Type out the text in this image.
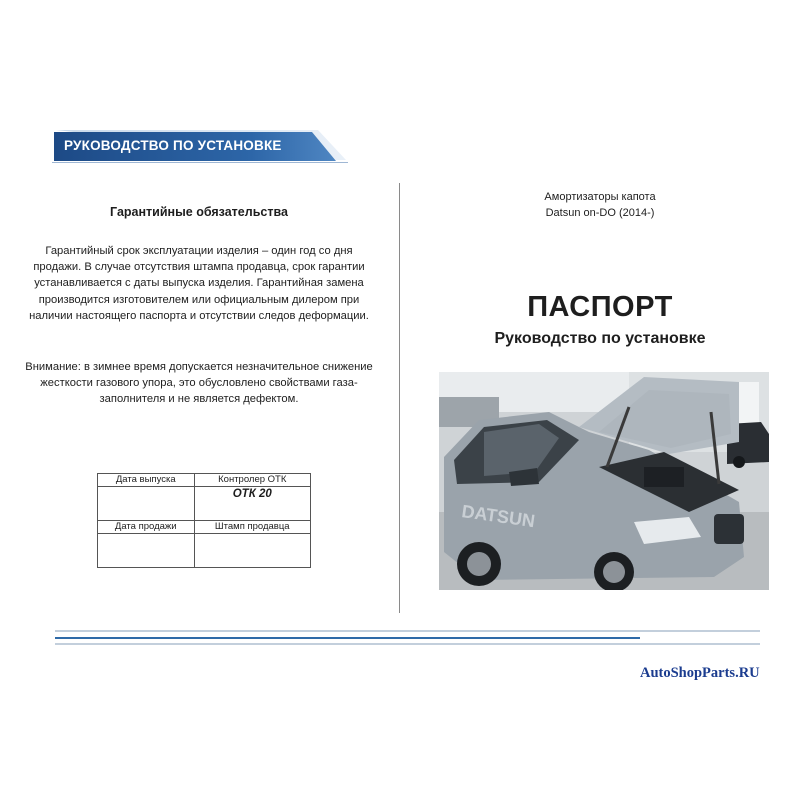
РУКОВОДСТВО ПО УСТАНОВКЕ
Гарантийные обязательства

Гарантийный срок эксплуатации изделия – один год со дня продажи. В случае отсутствия штампа продавца, срок гарантии устанавливается с даты выпуска изделия. Гарантийная замена производится изготовителем или официальным дилером при наличии настоящего паспорта и отсутствии следов деформации.

Внимание: в зимнее время допускается незначительное снижение жесткости газового упора, это обусловлено свойствами газа-заполнителя и не является дефектом.

Дата выпуска	Контролер ОТК
	ОТК 20
Дата продажи	Штамп продавца

Амортизаторы капота
Datsun on-DO (2014-)
ПАСПОРТ
Руководство по установке
DATSUN
AutoShopParts.RU
